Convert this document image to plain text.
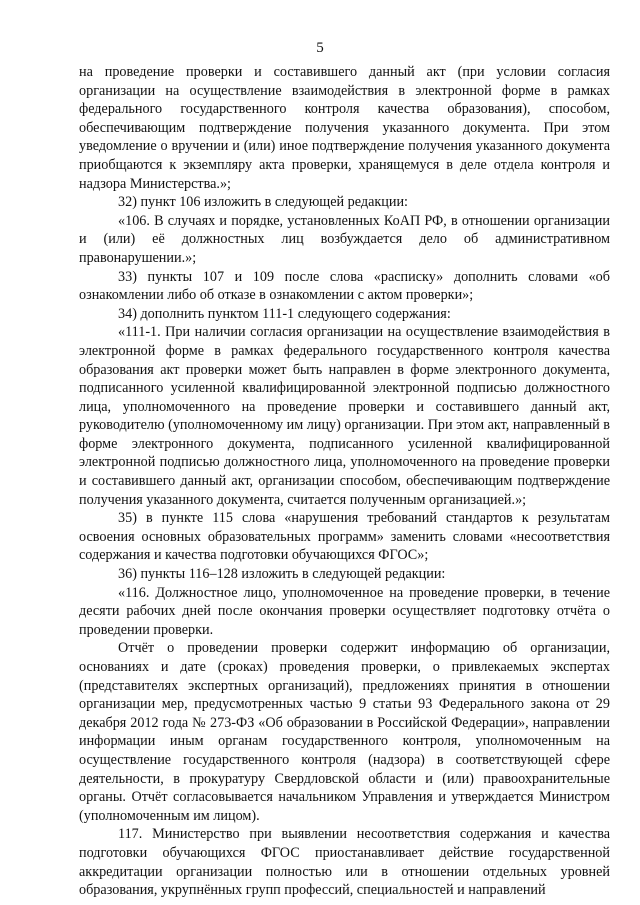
5

на проведение проверки и составившего данный акт (при условии согласия организации на осуществление взаимодействия в электронной форме в рамках федерального государственного контроля качества образования), способом, обеспечивающим подтверждение получения указанного документа. При этом уведомление о вручении и (или) иное подтверждение получения указанного документа приобщаются к экземпляру акта проверки, хранящемуся в деле отдела контроля и надзора Министерства.»;

32) пункт 106 изложить в следующей редакции:

«106. В случаях и порядке, установленных КоАП РФ, в отношении организации и (или) её должностных лиц возбуждается дело об административном правонарушении.»;

33) пункты 107 и 109 после слова «расписку» дополнить словами «об ознакомлении либо об отказе в ознакомлении с актом проверки»;

34) дополнить пунктом 111-1 следующего содержания:

«111-1. При наличии согласия организации на осуществление взаимодействия в электронной форме в рамках федерального государственного контроля качества образования акт проверки может быть направлен в форме электронного документа, подписанного усиленной квалифицированной электронной подписью должностного лица, уполномоченного на проведение проверки и составившего данный акт, руководителю (уполномоченному им лицу) организации. При этом акт, направленный в форме электронного документа, подписанного усиленной квалифицированной электронной подписью должностного лица, уполномоченного на проведение проверки и составившего данный акт, организации способом, обеспечивающим подтверждение получения указанного документа, считается полученным организацией.»;

35) в пункте 115 слова «нарушения требований стандартов к результатам освоения основных образовательных программ» заменить словами «несоответствия содержания и качества подготовки обучающихся ФГОС»;

36) пункты 116–128 изложить в следующей редакции:

«116. Должностное лицо, уполномоченное на проведение проверки, в течение десяти рабочих дней после окончания проверки осуществляет подготовку отчёта о проведении проверки.

Отчёт о проведении проверки содержит информацию об организации, основаниях и дате (сроках) проведения проверки, о привлекаемых экспертах (представителях экспертных организаций), предложениях принятия в отношении организации мер, предусмотренных частью 9 статьи 93 Федерального закона от 29 декабря 2012 года № 273-ФЗ «Об образовании в Российской Федерации», направлении информации иным органам государственного контроля, уполномоченным на осуществление государственного контроля (надзора) в соответствующей сфере деятельности, в прокуратуру Свердловской области и (или) правоохранительные органы. Отчёт согласовывается начальником Управления и утверждается Министром (уполномоченным им лицом).

117. Министерство при выявлении несоответствия содержания и качества подготовки обучающихся ФГОС приостанавливает действие государственной аккредитации организации полностью или в отношении отдельных уровней образования, укрупнённых групп профессий, специальностей и направлений
